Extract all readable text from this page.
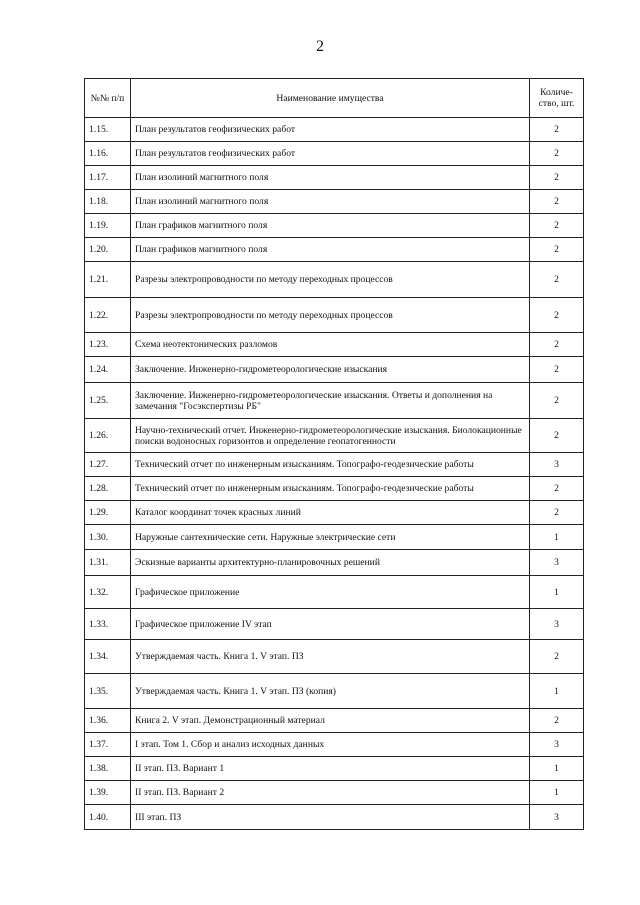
2
№№ п/п	Наименование имущества	Количе-ство, шт.
1.15.	План результатов геофизических работ	2
1.16.	План результатов геофизических работ	2
1.17.	План изолиний магнитного поля	2
1.18.	План изолиний магнитного поля	2
1.19.	План графиков магнитного поля	2
1.20.	План графиков магнитного поля	2
1.21.	Разрезы электропроводности по методу переходных процессов	2
1.22.	Разрезы электропроводности по методу переходных процессов	2
1.23.	Схема неотектонических разломов	2
1.24.	Заключение. Инженерно-гидрометеорологические изыскания	2
1.25.	Заключение. Инженерно-гидрометеорологические изыскания. Ответы и дополнения на замечания "Госэкспертизы РБ"	2
1.26.	Научно-технический отчет. Инженерно-гидрометеорологические изыскания. Биолокационные поиски водоносных горизонтов и определение геопатогенности	2
1.27.	Технический отчет по инженерным изысканиям. Топографо-геодезические работы	3
1.28.	Технический отчет по инженерным изысканиям. Топографо-геодезические работы	2
1.29.	Каталог координат точек красных линий	2
1.30.	Наружные сантехнические сети. Наружные электрические сети	1
1.31.	Эскизные варианты архитектурно-планировочных решений	3
1.32.	Графическое приложение	1
1.33.	Графическое приложение IV этап	3
1.34.	Утверждаемая часть. Книга 1. V этап. ПЗ	2
1.35.	Утверждаемая часть. Книга 1. V этап. ПЗ (копия)	1
1.36.	Книга 2. V этап. Демонстрационный материал	2
1.37.	I этап. Том 1. Сбор и анализ исходных данных	3
1.38.	II этап. ПЗ. Вариант 1	1
1.39.	II этап. ПЗ. Вариант 2	1
1.40.	III этап. ПЗ	3
